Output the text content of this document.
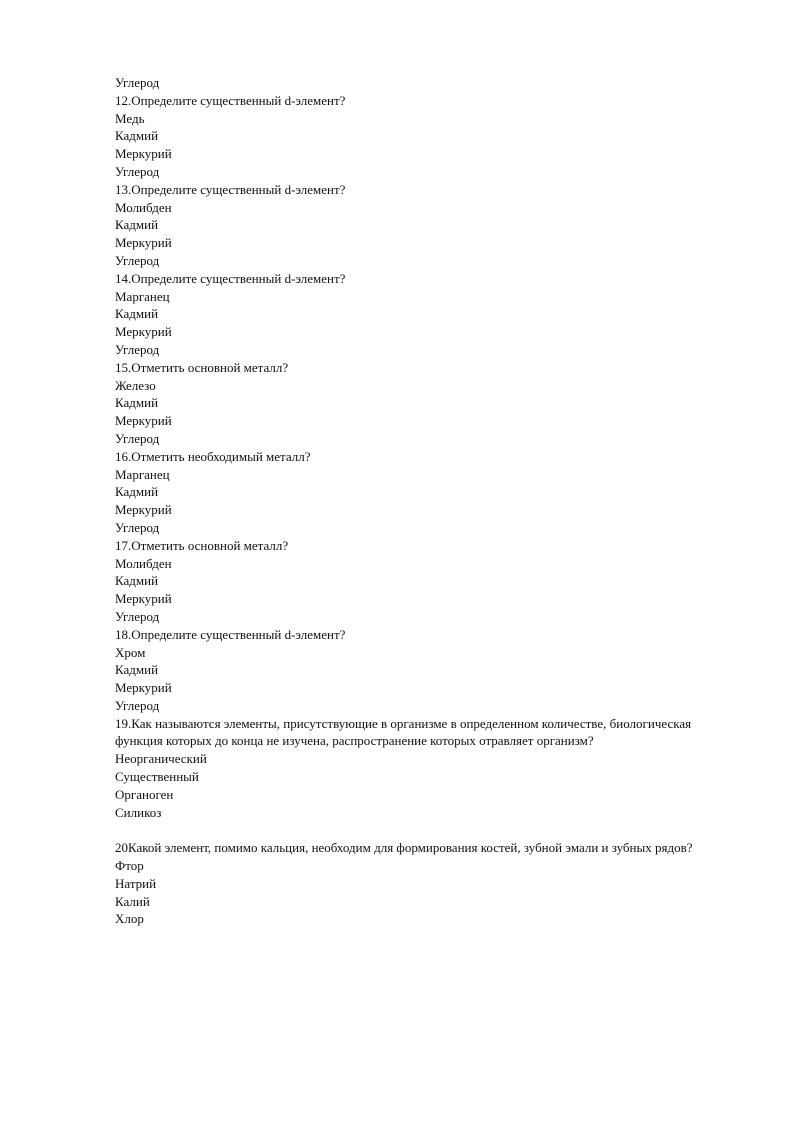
Углерод
12.Определите существенный d-элемент?
Медь
Кадмий
Меркурий
Углерод
13.Определите существенный d-элемент?
Молибден
Кадмий
Меркурий
Углерод
14.Определите существенный d-элемент?
Марганец
Кадмий
Меркурий
Углерод
15.Отметить основной металл?
Железо
Кадмий
Меркурий
Углерод
16.Отметить необходимый металл?
Марганец
Кадмий
Меркурий
Углерод
17.Отметить основной металл?
Молибден
Кадмий
Меркурий
Углерод
18.Определите существенный d-элемент?
Хром
Кадмий
Меркурий
Углерод
19.Как называются элементы, присутствующие в организме в определенном количестве, биологическая функция которых до конца не изучена, распространение которых отравляет организм?
Неорганический
Существенный
Органоген
Силикоз
20Какой элемент, помимо кальция, необходим для формирования костей, зубной эмали и зубных рядов?
Фтор
Натрий
Калий
Хлор
